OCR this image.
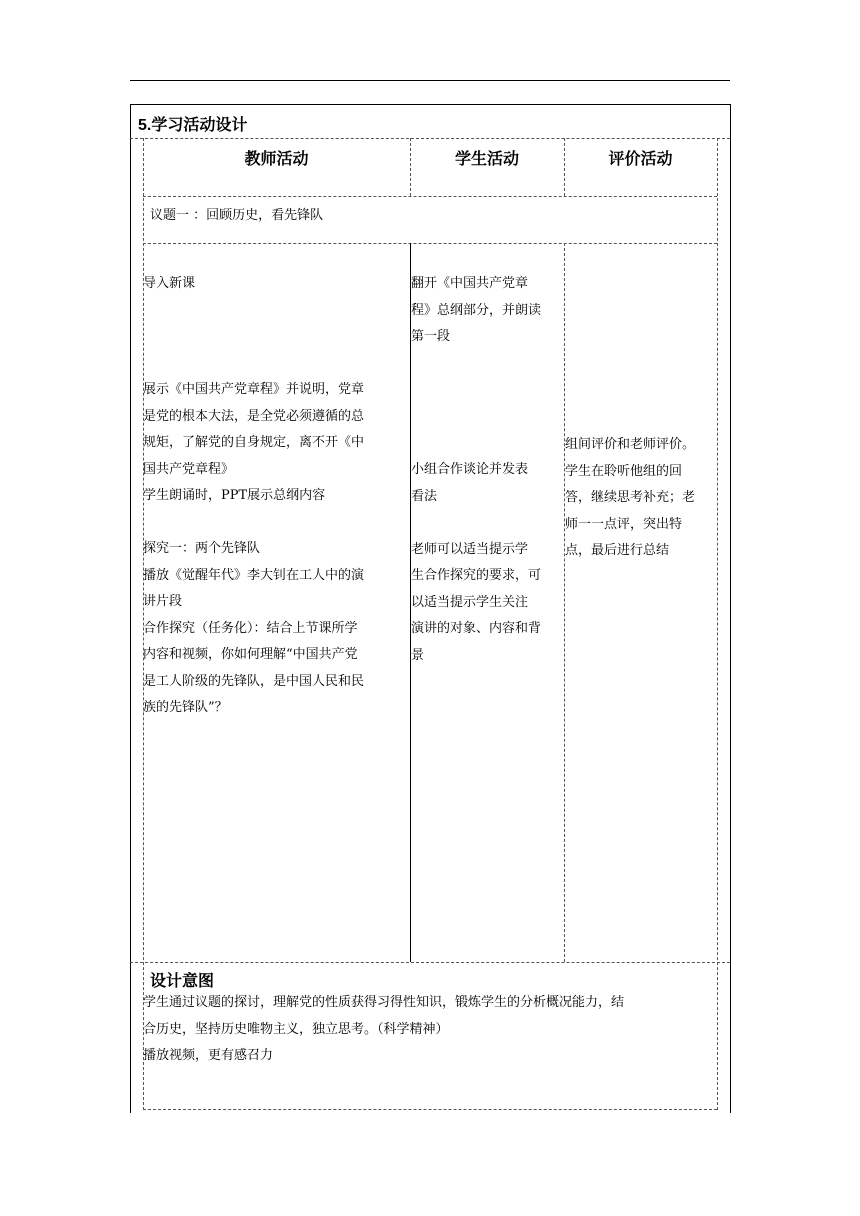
5.学习活动设计
教师活动	学生活动	评价活动
议题一 ：回顾历史，看先锋队

导入新课

展示《中国共产党章程》并说明，党章

是党的根本大法，是全党必须遵循的总

规矩，了解党的自身规定，离不开《中

国共产党章程》

学生朗诵时，PPT展示总纲内容

探究一：两个先锋队

播放《觉醒年代》李大钊在工人中的演

讲片段

合作探究（任务化）：结合上节课所学

内容和视频，你如何理解“中国共产党

是工人阶级的先锋队，是中国人民和民

族的先锋队”？

翻开《中国共产党章

程》总纲部分，并朗读

第一段

小组合作谈论并发表

看法

老师可以适当提示学

生合作探究的要求，可

以适当提示学生关注

演讲的对象、内容和背

景

组间评价和老师评价。

学生在聆听他组的回

答，继续思考补充；老

师一一点评，突出特

点，最后进行总结

设计意图

学生通过议题的探讨，理解党的性质获得习得性知识，锻炼学生的分析概况能力，结

合历史，坚持历史唯物主义，独立思考。（科学精神）

播放视频，更有感召力
